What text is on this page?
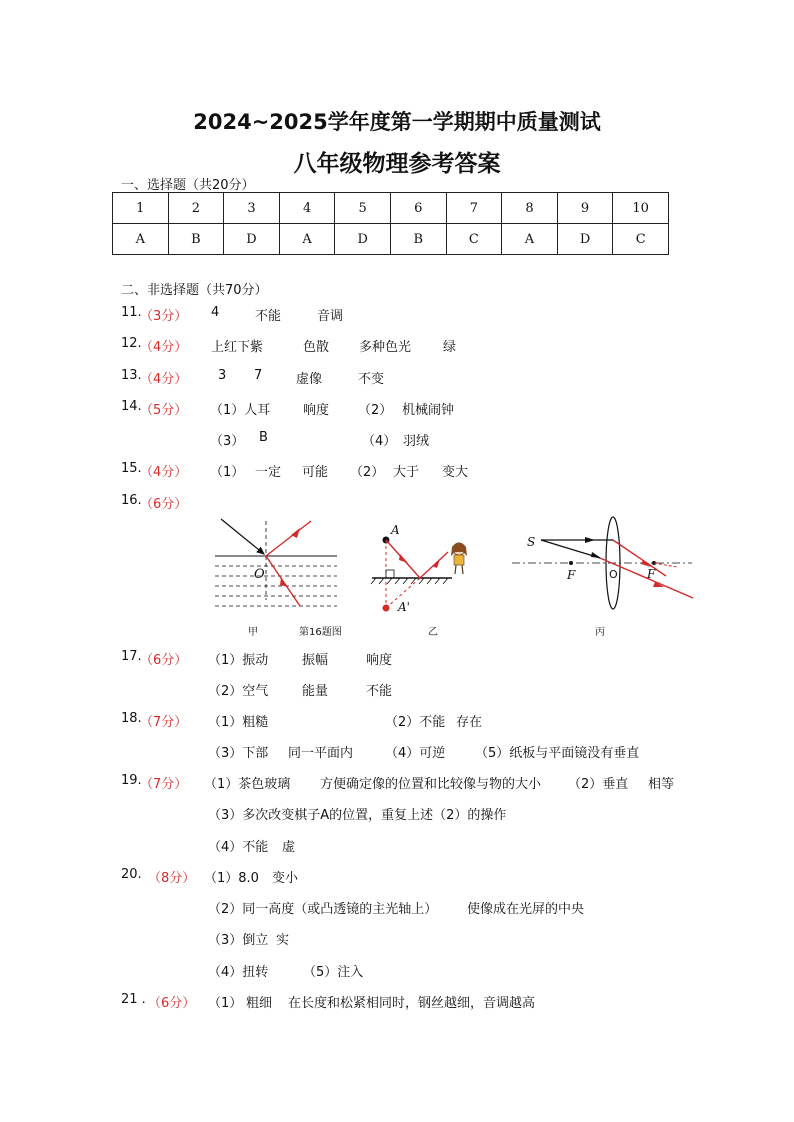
2024~2025学年度第一学期期中质量测试
八年级物理参考答案
一、选择题（共20分）
1	2	3	4	5	6	7	8	9	10
A	B	D	A	D	B	C	A	D	C
二、非选择题（共70分）
11.
（3分） 4	不能	音调
12.
（4分） 上红下紫	色散 多种色光 绿
13.
（4分） 3 7	虚像	不变
14.
（5分） （1）人耳	响度 （2） 机械闹钟
（3） B	（4） 羽绒
15.
（4分） （1） 一定 可能 （2） 大于 变大
16.
（6分）
O
A
A'
S
F	O F
甲	第16题图	乙	丙
17.
（6分） （1）振动	振幅	响度
（2）空气	能量	不能
18.
（7分） （1）粗糙	（2）不能 存在
（3）下部 同一平面内 （4）可逆 （5）纸板与平面镜没有垂直
19.
（7分） （1）茶色玻璃 方便确定像的位置和比较像与物的大小 （2）垂直 相等
（3）多次改变棋子A的位置，重复上述（2）的操作
（4）不能 虚
20. （8分） （1）8.0 变小
（2）同一高度（或凸透镜的主光轴上） 使像成在光屏的中央
（3）倒立 实
（4）扭转	（5）注入
21 . （6分） （1） 粗细 在长度和松紧相同时，钢丝越细，音调越高
